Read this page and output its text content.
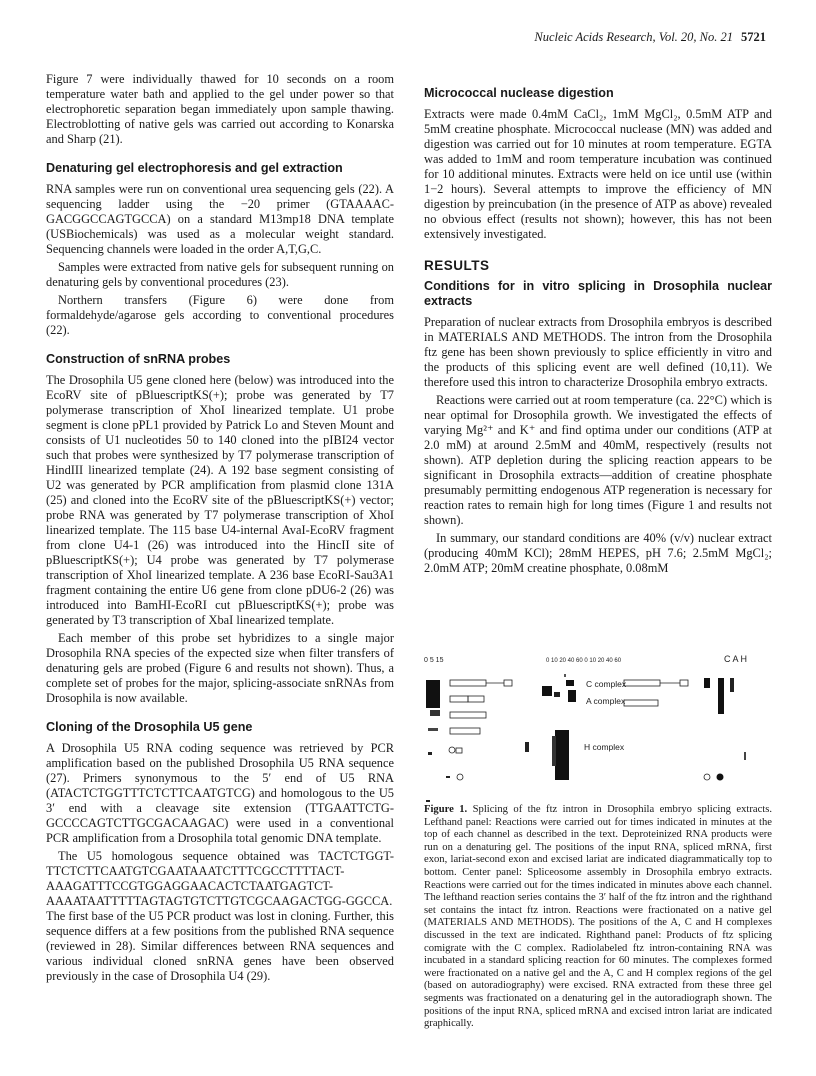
Nucleic Acids Research, Vol. 20, No. 21 5721

Figure 7 were individually thawed for 10 seconds on a room temperature water bath and applied to the gel under power so that electrophoretic separation began immediately upon sample thawing. Electroblotting of native gels was carried out according to Konarska and Sharp (21).

Denaturing gel electrophoresis and gel extraction

RNA samples were run on conventional urea sequencing gels (22). A sequencing ladder using the −20 primer (GTAAAAC-GACGGCCAGTGCCA) on a standard M13mp18 DNA template (USBiochemicals) was used as a molecular weight standard. Sequencing channels were loaded in the order A,T,G,C.

Samples were extracted from native gels for subsequent running on denaturing gels by conventional procedures (23).

Northern transfers (Figure 6) were done from formaldehyde/agarose gels according to conventional procedures (22).

Construction of snRNA probes

The Drosophila U5 gene cloned here (below) was introduced into the EcoRV site of pBluescriptKS(+); probe was generated by T7 polymerase transcription of XhoI linearized template. U1 probe segment is clone pPL1 provided by Patrick Lo and Steven Mount and consists of U1 nucleotides 50 to 140 cloned into the pIBI24 vector such that probes were synthesized by T7 polymerase transcription of HindIII linearized template (24). A 192 base segment consisting of U2 was generated by PCR amplification from plasmid clone 131A (25) and cloned into the EcoRV site of the pBluescriptKS(+) vector; probe RNA was generated by T7 polymerase transcription of XhoI linearized template. The 115 base U4-internal AvaI-EcoRV fragment from clone U4-1 (26) was introduced into the HincII site of pBluescriptKS(+); U4 probe was generated by T7 polymerase transcription of XhoI linearized template. A 236 base EcoRI-Sau3A1 fragment containing the entire U6 gene from clone pDU6-2 (26) was introduced into BamHI-EcoRI cut pBluescriptKS(+); probe was generated by T3 transcription of XbaI linearized template.

Each member of this probe set hybridizes to a single major Drosophila RNA species of the expected size when filter transfers of denaturing gels are probed (Figure 6 and results not shown). Thus, a complete set of probes for the major, splicing-associate snRNAs from Drosophila is now available.

Cloning of the Drosophila U5 gene

A Drosophila U5 RNA coding sequence was retrieved by PCR amplification based on the published Drosophila U5 RNA sequence (27). Primers synonymous to the 5′ end of U5 RNA (ATACTCTGGTTTCTCTTCAATGTCG) and homologous to the U5 3′ end with a cleavage site extension (TTGAATTCTG-GCCCCAGTCTTGCGACAAGAC) were used in a conventional PCR amplification from a Drosophila total genomic DNA template.

The U5 homologous sequence obtained was TACTCTGGT-TTCTCTTCAATGTCGAATAAATCTTTCGCCTTTTACT-AAAGATTTCCGTGGAGGAACACTCTAATGAGTCT-AAAATAATTTTTAGTAGTGTCTTGTCGCAAGACTGG-GGCCA. The first base of the U5 PCR product was lost in cloning. Further, this sequence differs at a few positions from the published RNA sequence (reviewed in 28). Similar differences between RNA sequences and various individual cloned snRNA genes have been observed previously in the case of Drosophila U4 (29).

Micrococcal nuclease digestion

Extracts were made 0.4mM CaCl₂, 1mM MgCl₂, 0.5mM ATP and 5mM creatine phosphate. Micrococcal nuclease (MN) was added and digestion was carried out for 10 minutes at room temperature. EGTA was added to 1mM and room temperature incubation was continued for 10 additional minutes. Extracts were held on ice until use (within 1−2 hours). Several attempts to improve the efficiency of MN digestion by preincubation (in the presence of ATP as above) revealed no obvious effect (results not shown); however, this has not been extensively investigated.

RESULTS
Conditions for in vitro splicing in Drosophila nuclear extracts

Preparation of nuclear extracts from Drosophila embryos is described in MATERIALS AND METHODS. The intron from the Drosophila ftz gene has been shown previously to splice efficiently in vitro and the products of this splicing event are well defined (10,11). We therefore used this intron to characterize Drosophila embryo extracts.

Reactions were carried out at room temperature (ca. 22°C) which is near optimal for Drosophila growth. We investigated the effects of varying Mg²⁺ and K⁺ and find optima under our conditions (ATP at 2.0 mM) at around 2.5mM and 40mM, respectively (results not shown). ATP depletion during the splicing reaction appears to be significant in Drosophila extracts—addition of creatine phosphate presumably permitting endogenous ATP regeneration is necessary for reaction rates to remain high for long times (Figure 1 and results not shown).

In summary, our standard conditions are 40% (v/v) nuclear extract (producing 40mM KCl); 28mM HEPES, pH 7.6; 2.5mM MgCl₂; 2.0mM ATP; 20mM creatine phosphate, 0.08mM

0 5 15	0 10 20 40 60 0 10 20 40 60	C A H
C complex
A complex
H complex
Figure 1. Splicing of the ftz intron in Drosophila embryo splicing extracts. Lefthand panel: Reactions were carried out for times indicated in minutes at the top of each channel as described in the text. Deproteinized RNA products were run on a denaturing gel. The positions of the input RNA, spliced mRNA, first exon, lariat-second exon and excised lariat are indicated diagrammatically top to bottom. Center panel: Spliceosome assembly in Drosophila embryo extracts. Reactions were carried out for the times indicated in minutes above each channel. The lefthand reaction series contains the 3′ half of the ftz intron and the righthand set contains the intact ftz intron. Reactions were fractionated on a native gel (MATERIALS AND METHODS). The positions of the A, C and H complexes discussed in the text are indicated. Righthand panel: Products of ftz splicing comigrate with the C complex. Radiolabeled ftz intron-containing RNA was incubated in a standard splicing reaction for 60 minutes. The complexes formed were fractionated on a native gel and the A, C and H complex regions of the gel (based on autoradiography) were excised. RNA extracted from these three gel segments was fractionated on a denaturing gel in the autoradiograph shown. The positions of the input RNA, spliced mRNA and excised intron lariat are indicated graphically.
